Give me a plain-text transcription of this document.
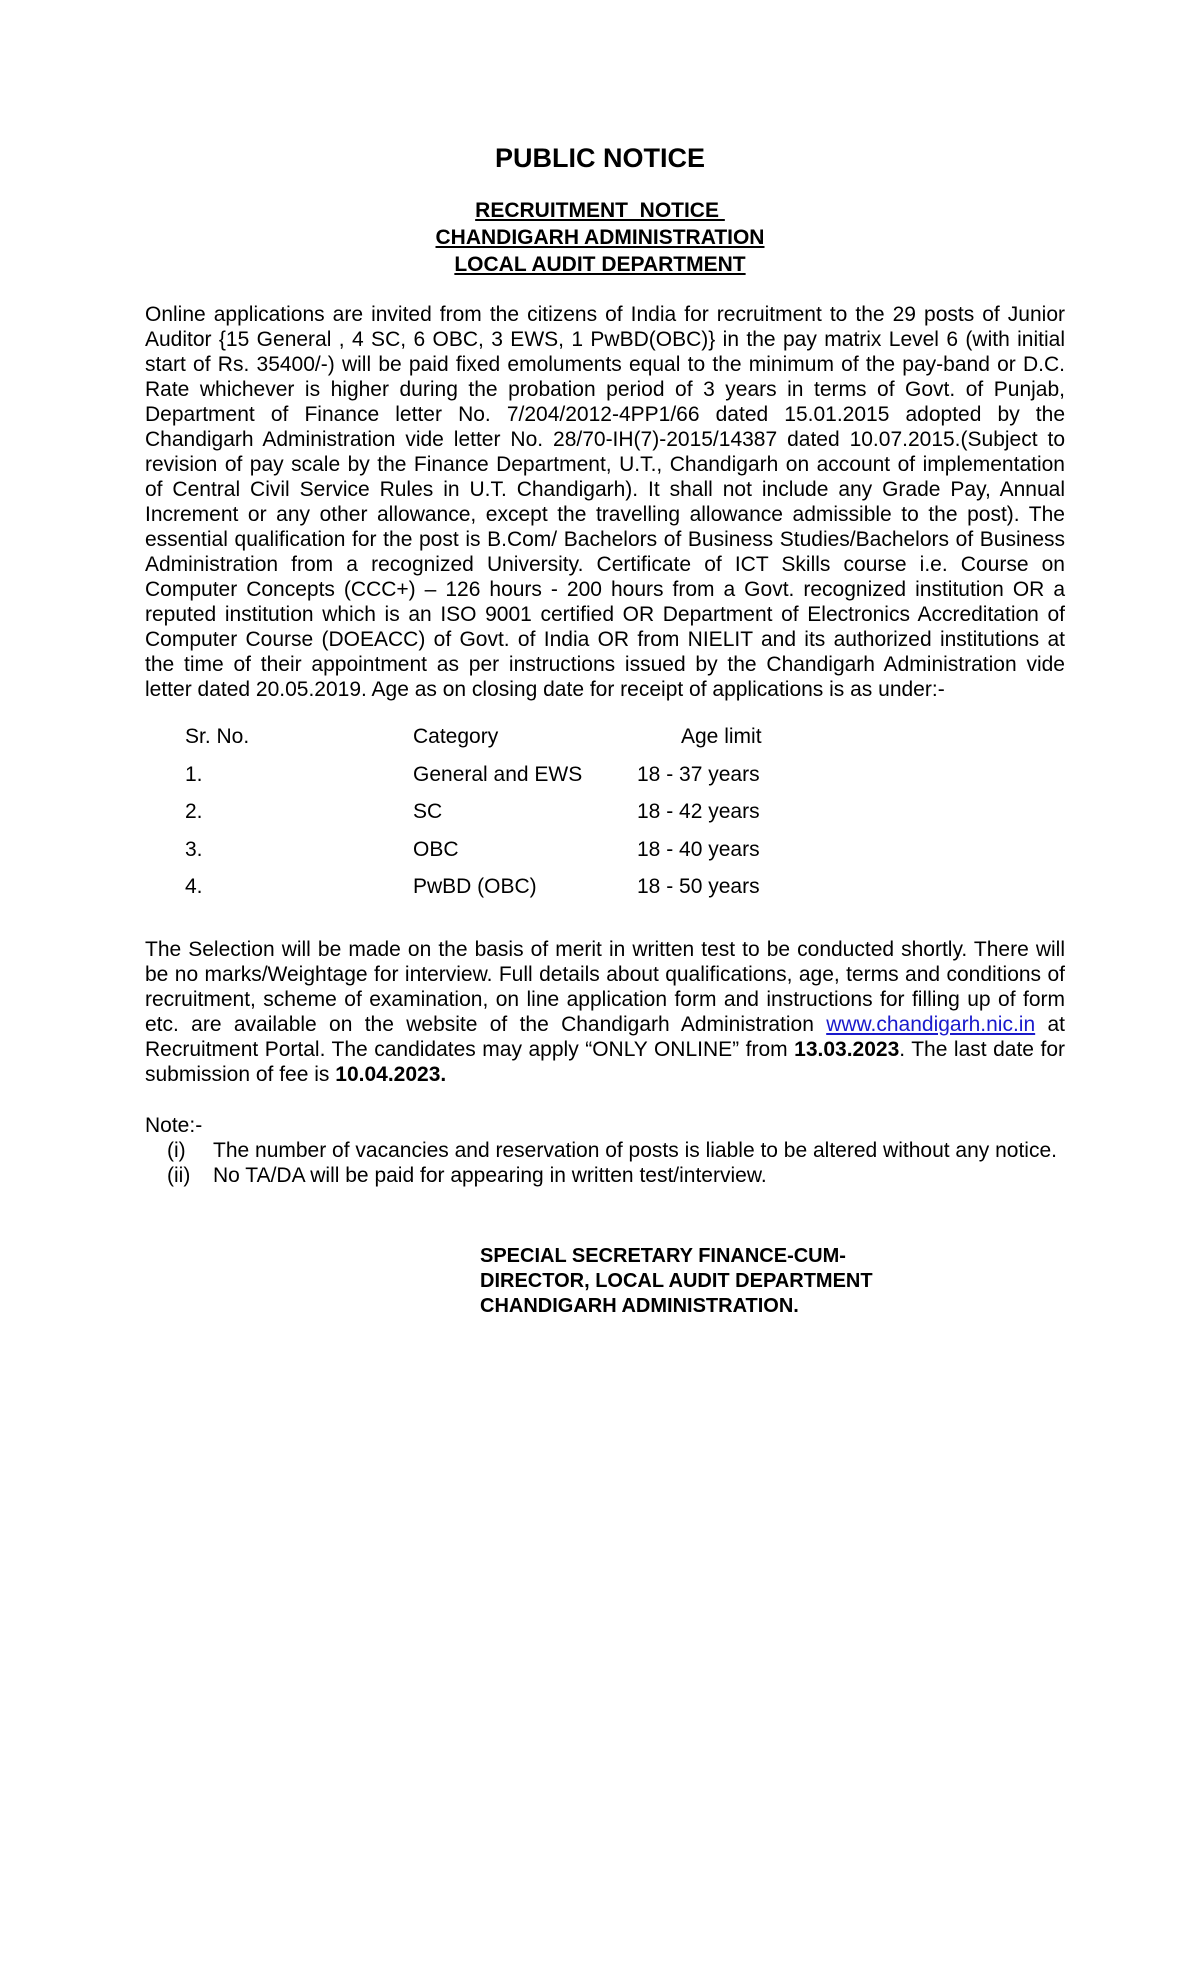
PUBLIC NOTICE
RECRUITMENT  NOTICE
CHANDIGARH ADMINISTRATION
LOCAL AUDIT DEPARTMENT
Online applications are invited from the citizens of India for recruitment to the 29 posts of Junior Auditor {15 General , 4 SC, 6 OBC, 3 EWS, 1 PwBD(OBC)} in the pay matrix Level 6 (with initial start of Rs. 35400/-) will be paid fixed emoluments equal to the minimum of the pay-band or D.C. Rate whichever is higher during the probation period of 3 years in terms of Govt. of Punjab, Department of Finance letter No. 7/204/2012-4PP1/66 dated 15.01.2015 adopted by the Chandigarh Administration vide letter No. 28/70-IH(7)-2015/14387 dated 10.07.2015.(Subject to revision of pay scale by the Finance Department, U.T., Chandigarh on account of implementation of Central Civil Service Rules in U.T. Chandigarh). It shall not include any Grade Pay, Annual Increment or any other allowance, except the travelling allowance admissible to the post). The essential qualification for the post is B.Com/ Bachelors of Business Studies/Bachelors of Business Administration from a recognized University. Certificate of ICT Skills course i.e. Course on Computer Concepts (CCC+) – 126 hours - 200 hours from a Govt. recognized institution OR a reputed institution which is an ISO 9001 certified OR Department of Electronics Accreditation of Computer Course (DOEACC) of Govt. of India OR from NIELIT and its authorized institutions at the time of their appointment as per instructions issued by the Chandigarh Administration vide letter dated 20.05.2019. Age as on closing date for receipt of applications is as under:-
Sr. No.	Category	Age limit
1.	General and EWS	18 - 37 years
2.	SC	18 - 42 years
3.	OBC	18 - 40 years
4.	PwBD (OBC)	18 - 50 years
The Selection will be made on the basis of merit in written test to be conducted shortly. There will be no marks/Weightage for interview. Full details about qualifications, age, terms and conditions of recruitment, scheme of examination, on line application form and instructions for filling up of form etc. are available on the website of the Chandigarh Administration www.chandigarh.nic.in at Recruitment Portal. The candidates may apply “ONLY ONLINE” from 13.03.2023. The last date for submission of fee is 10.04.2023.
Note:-
(i) The number of vacancies and reservation of posts is liable to be altered without any notice.
(ii) No TA/DA will be paid for appearing in written test/interview.
SPECIAL SECRETARY FINANCE-CUM-
DIRECTOR, LOCAL AUDIT DEPARTMENT
CHANDIGARH ADMINISTRATION.
